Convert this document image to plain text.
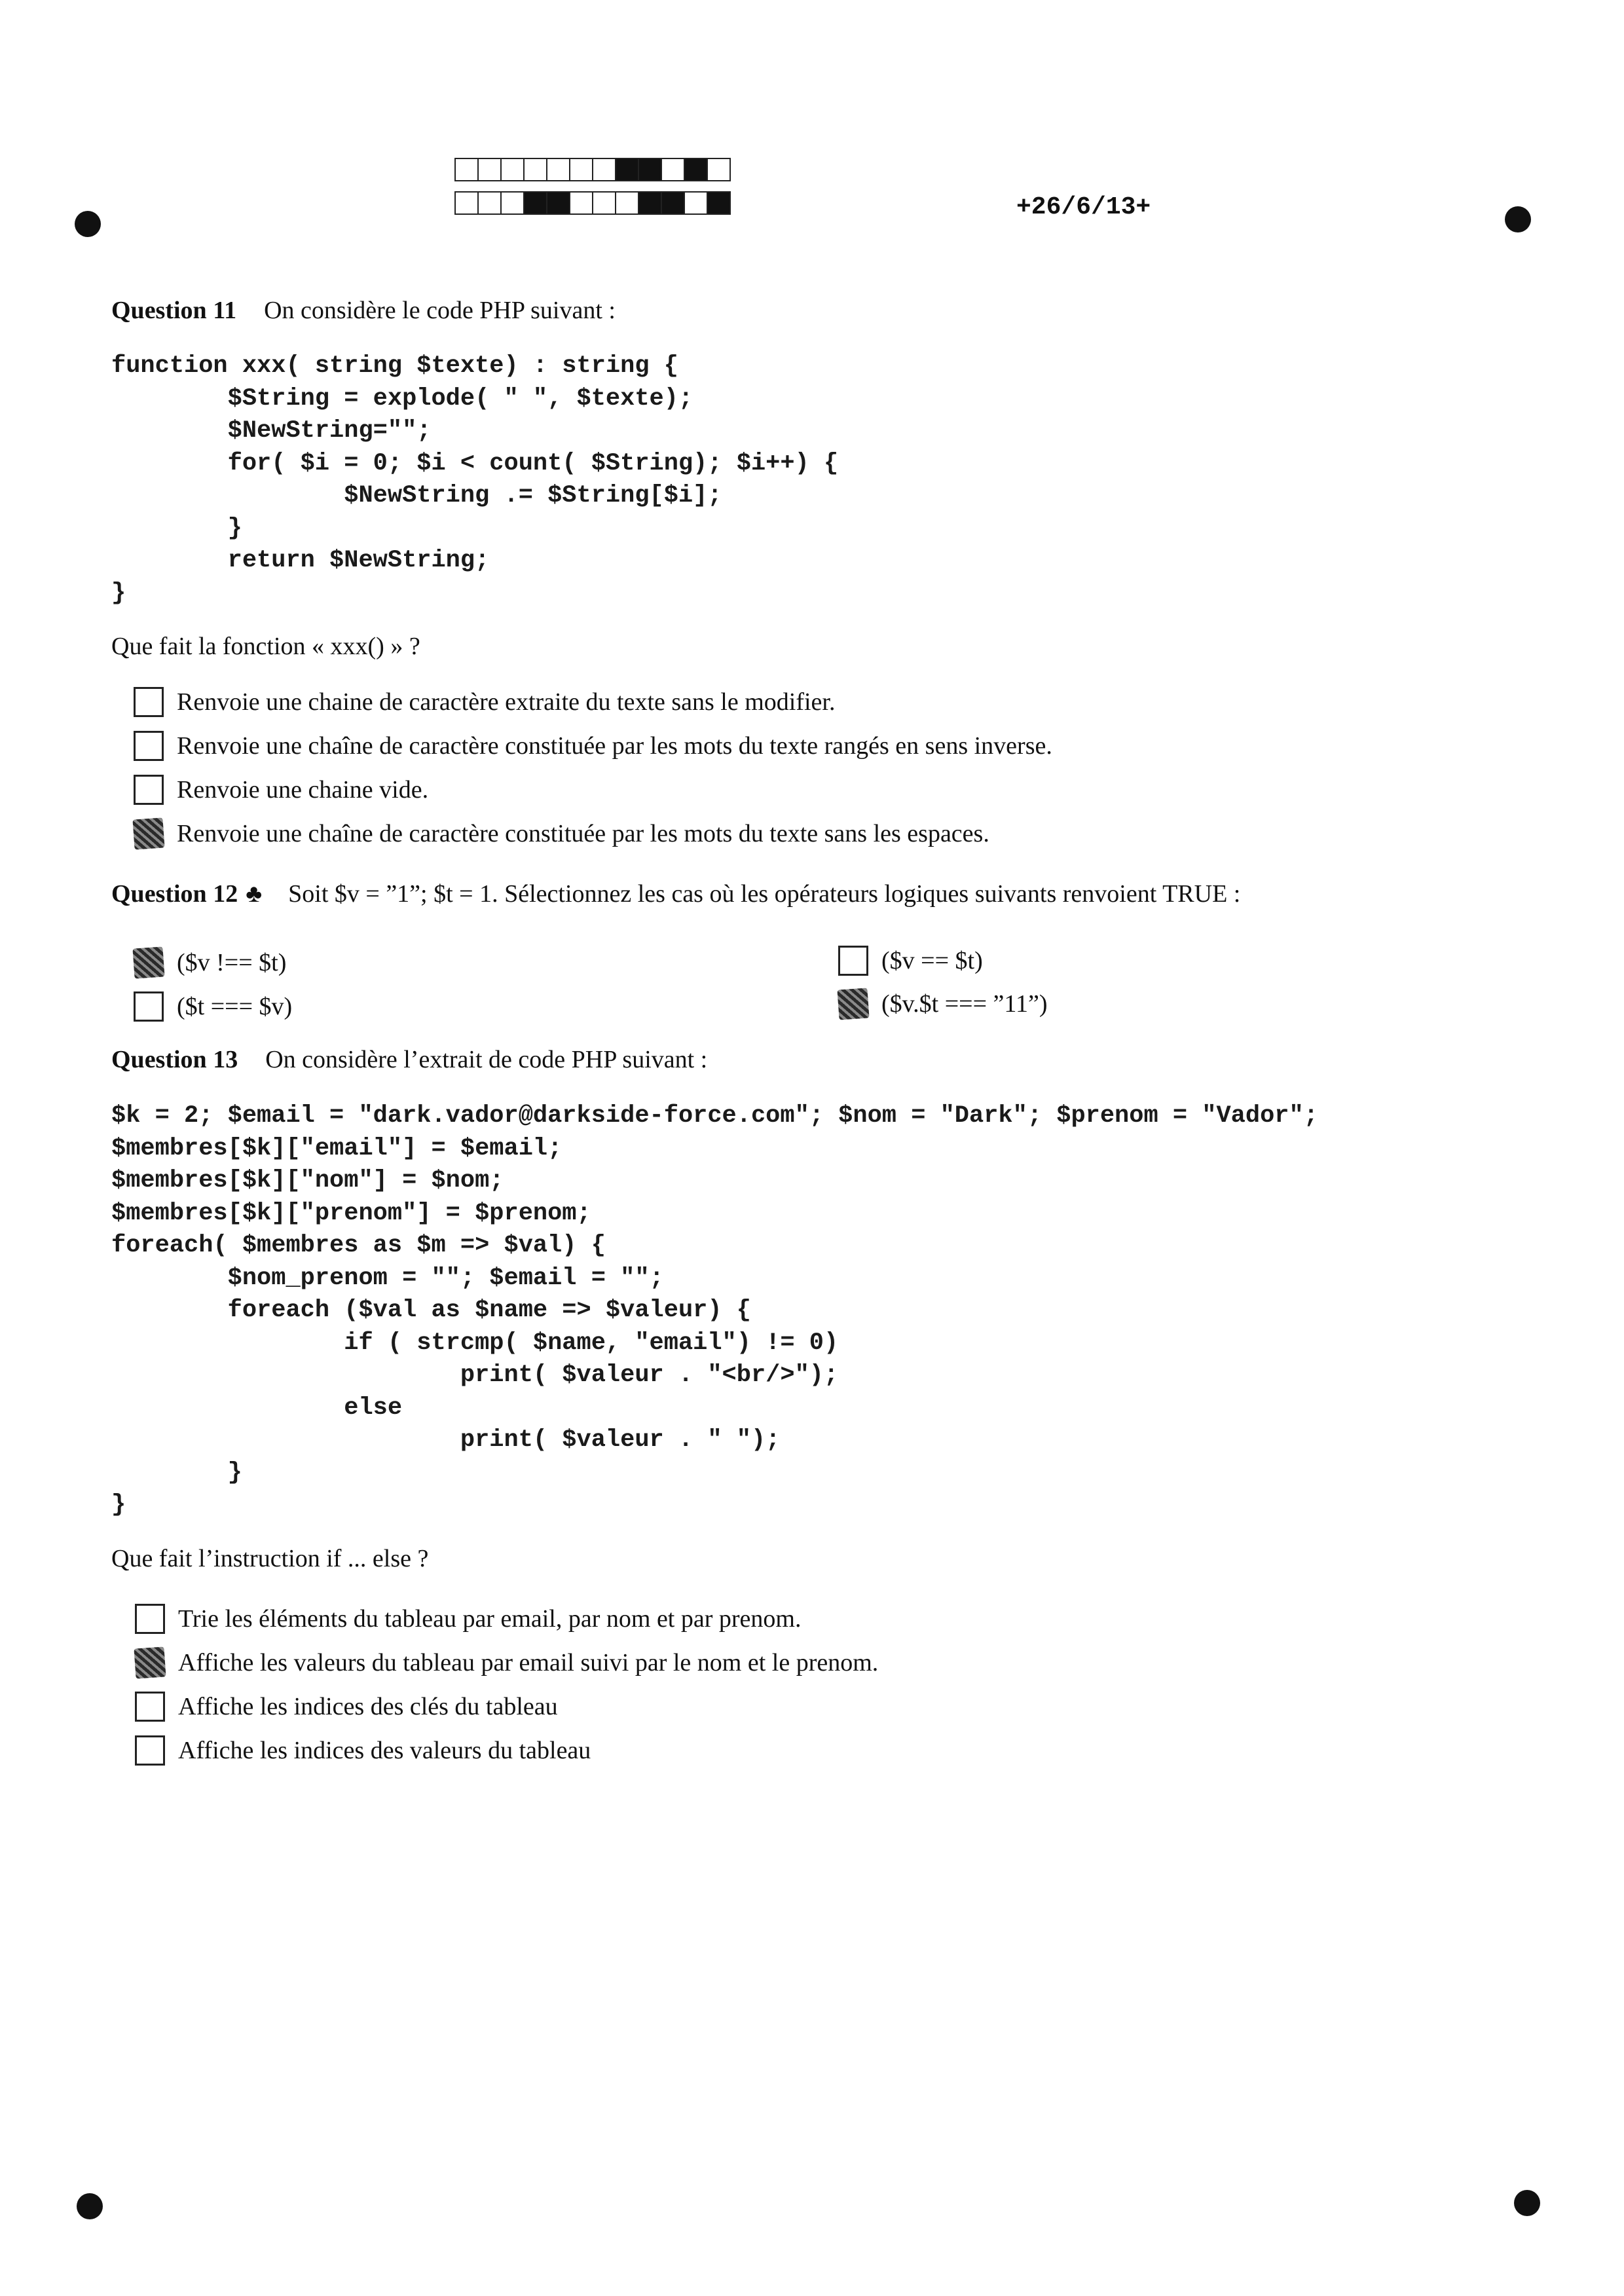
+26/6/13+
Question 11 On considère le code PHP suivant :
function xxx( string $texte) : string {
$String = explode( " ", $texte);
$NewString="";
for( $i = 0; $i < count( $String); $i++) {
$NewString .= $String[$i];
}
return $NewString;
}
Que fait la fonction « xxx() » ?
Renvoie une chaine de caractère extraite du texte sans le modifier.
Renvoie une chaîne de caractère constituée par les mots du texte rangés en sens inverse.
Renvoie une chaine vide.
Renvoie une chaîne de caractère constituée par les mots du texte sans les espaces.
Question 12 ♣ Soit $v = ”1”; $t = 1. Sélectionnez les cas où les opérateurs logiques suivants renvoient TRUE :
($v !== $t)
($t === $v)
($v == $t)
($v.$t === ”11”)
Question 13 On considère l’extrait de code PHP suivant :
$k = 2; $email = "dark.vador@darkside-force.com"; $nom = "Dark"; $prenom = "Vador";
$membres[$k]["email"] = $email;
$membres[$k]["nom"] = $nom;
$membres[$k]["prenom"] = $prenom;
foreach( $membres as $m => $val) {
$nom_prenom = ""; $email = "";
foreach ($val as $name => $valeur) {
if ( strcmp( $name, "email") != 0)
print( $valeur . "<br/>");
else
print( $valeur . " ");
}
}
Que fait l’instruction if ... else ?
Trie les éléments du tableau par email, par nom et par prenom.
Affiche les valeurs du tableau par email suivi par le nom et le prenom.
Affiche les indices des clés du tableau
Affiche les indices des valeurs du tableau
